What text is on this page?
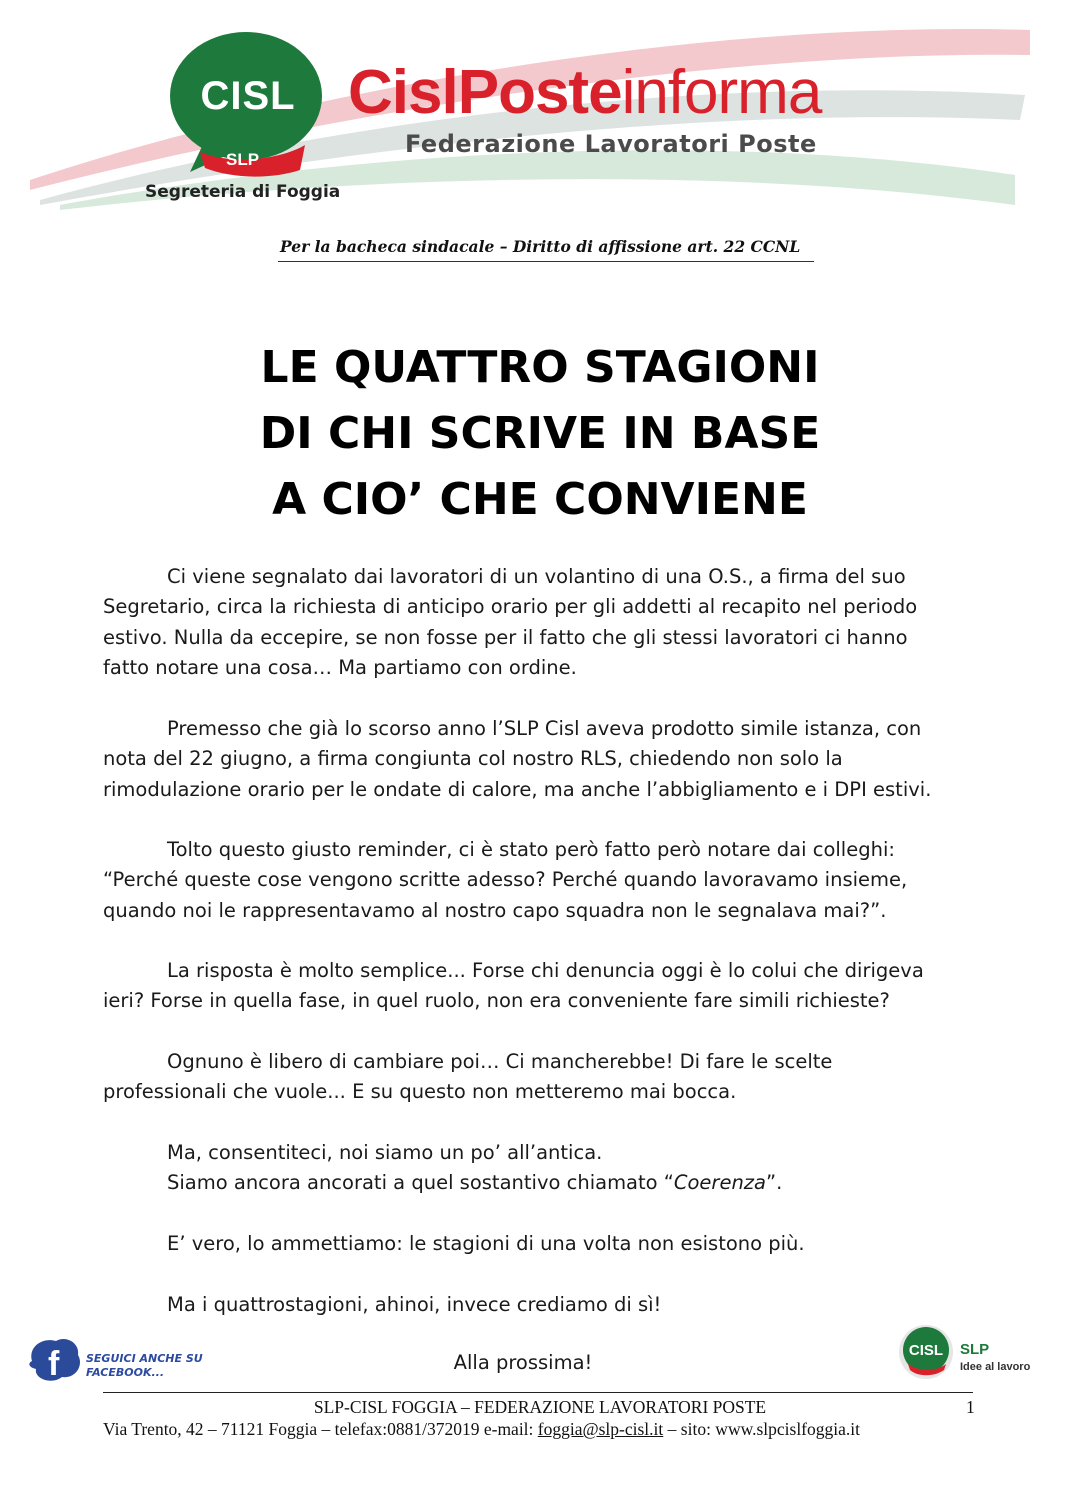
CISL
SLP
CislPosteinforma
Federazione Lavoratori Poste
Segreteria di Foggia
Per la bacheca sindacale – Diritto di affissione art. 22 CCNL
LE QUATTRO STAGIONI
DI CHI SCRIVE IN BASE
A CIO’ CHE CONVIENE
Ci viene segnalato dai lavoratori di un volantino di una O.S., a firma del suo
Segretario, circa la richiesta di anticipo orario per gli addetti al recapito nel periodo
estivo. Nulla da eccepire, se non fosse per il fatto che gli stessi lavoratori ci hanno
fatto notare una cosa… Ma partiamo con ordine.
Premesso che già lo scorso anno l’SLP Cisl aveva prodotto simile istanza, con
nota del 22 giugno, a firma congiunta col nostro RLS, chiedendo non solo la
rimodulazione orario per le ondate di calore, ma anche l’abbigliamento e i DPI estivi.
Tolto questo giusto reminder, ci è stato però fatto però notare dai colleghi:
“Perché queste cose vengono scritte adesso? Perché quando lavoravamo insieme,
quando noi le rappresentavamo al nostro capo squadra non le segnalava mai?”.
La risposta è molto semplice... Forse chi denuncia oggi è lo colui che dirigeva
ieri? Forse in quella fase, in quel ruolo, non era conveniente fare simili richieste?
Ognuno è libero di cambiare poi… Ci mancherebbe! Di fare le scelte
professionali che vuole... E su questo non metteremo mai bocca.
Ma, consentiteci, noi siamo un po’ all’antica.
Siamo ancora ancorati a quel sostantivo chiamato “Coerenza”.
E’ vero, lo ammettiamo: le stagioni di una volta non esistono più.
Ma i quattrostagioni, ahinoi, invece crediamo di sì!
Alla prossima!
f SEGUICI ANCHE SU
FACEBOOK...
CISL SLP
Idee al lavoro
SLP-CISL FOGGIA – FEDERAZIONE LAVORATORI POSTE	1
Via Trento, 42 – 71121 Foggia – telefax:0881/372019 e-mail: foggia@slp-cisl.it – sito: www.slpcislfoggia.it
